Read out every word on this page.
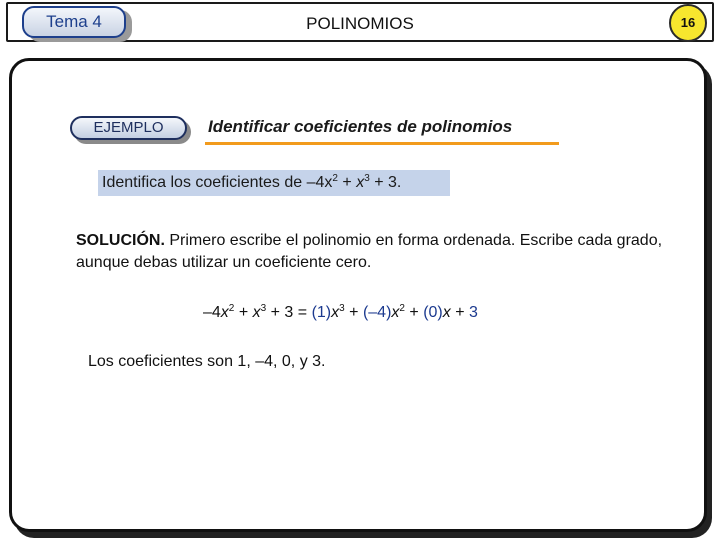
Tema 4	POLINOMIOS	16
EJEMPLO	Identificar coeficientes de polinomios
Identifica los coeficientes de $-4x^2 + x^3 + 3$.
SOLUCIÓN. Primero escribe el polinomio en forma ordenada. Escribe cada grado, aunque debas utilizar un coeficiente cero.
$-4x^2 + x^3 + 3 = (1)x^3 + (-4)x^2 + (0)x + 3$
Los coeficientes son 1, –4, 0, y 3.
